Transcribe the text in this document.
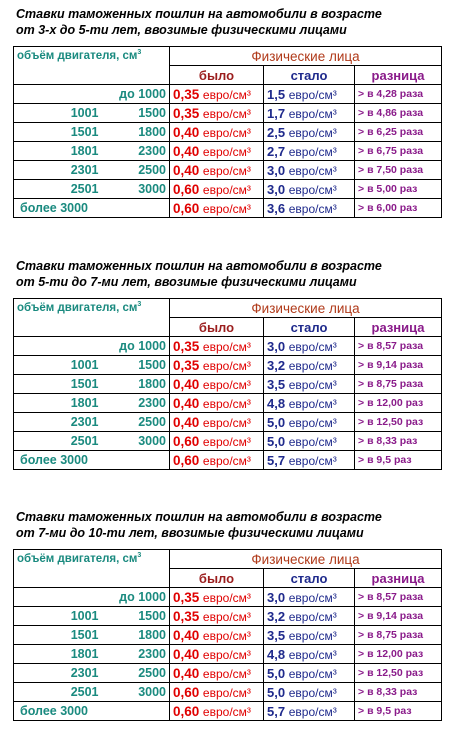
Ставки таможенных пошлин на автомобили в возрасте
от 3-х до 5-ти лет, ввозимые физическими лицами
объём двигателя, $см^3$		Физические лица		
		было	стало	разница
	до 1000	0,35 евро/см³	1,5 евро/см³	> в 4,28 раза
1001	1500	0,35 евро/см³	1,7 евро/см³	> в 4,86 раза
1501	1800	0,40 евро/см³	2,5 евро/см³	> в 6,25 раза
1801	2300	0,40 евро/см³	2,7 евро/см³	> в 6,75 раза
2301	2500	0,40 евро/см³	3,0 евро/см³	> в 7,50 раза
2501	3000	0,60 евро/см³	3,0 евро/см³	> в 5,00 раз
более 3000		0,60 евро/см³	3,6 евро/см³	> в 6,00 раз
Ставки таможенных пошлин на автомобили в возрасте
от 5-ти до 7-ми лет, ввозимые физическими лицами
объём двигателя, $см^3$		Физические лица		
		было	стало	разница
	до 1000	0,35 евро/см³	3,0 евро/см³	> в 8,57 раза
1001	1500	0,35 евро/см³	3,2 евро/см³	> в 9,14 раза
1501	1800	0,40 евро/см³	3,5 евро/см³	> в 8,75 раза
1801	2300	0,40 евро/см³	4,8 евро/см³	> в 12,00 раз
2301	2500	0,40 евро/см³	5,0 евро/см³	> в 12,50 раз
2501	3000	0,60 евро/см³	5,0 евро/см³	> в 8,33 раз
более 3000		0,60 евро/см³	5,7 евро/см³	> в 9,5 раз
Ставки таможенных пошлин на автомобили в возрасте
от 7-ми до 10-ти лет, ввозимые физическими лицами
объём двигателя, $см^3$		Физические лица		
		было	стало	разница
	до 1000	0,35 евро/см³	3,0 евро/см³	> в 8,57 раза
1001	1500	0,35 евро/см³	3,2 евро/см³	> в 9,14 раза
1501	1800	0,40 евро/см³	3,5 евро/см³	> в 8,75 раза
1801	2300	0,40 евро/см³	4,8 евро/см³	> в 12,00 раз
2301	2500	0,40 евро/см³	5,0 евро/см³	> в 12,50 раз
2501	3000	0,60 евро/см³	5,0 евро/см³	> в 8,33 раз
более 3000		0,60 евро/см³	5,7 евро/см³	> в 9,5 раз
